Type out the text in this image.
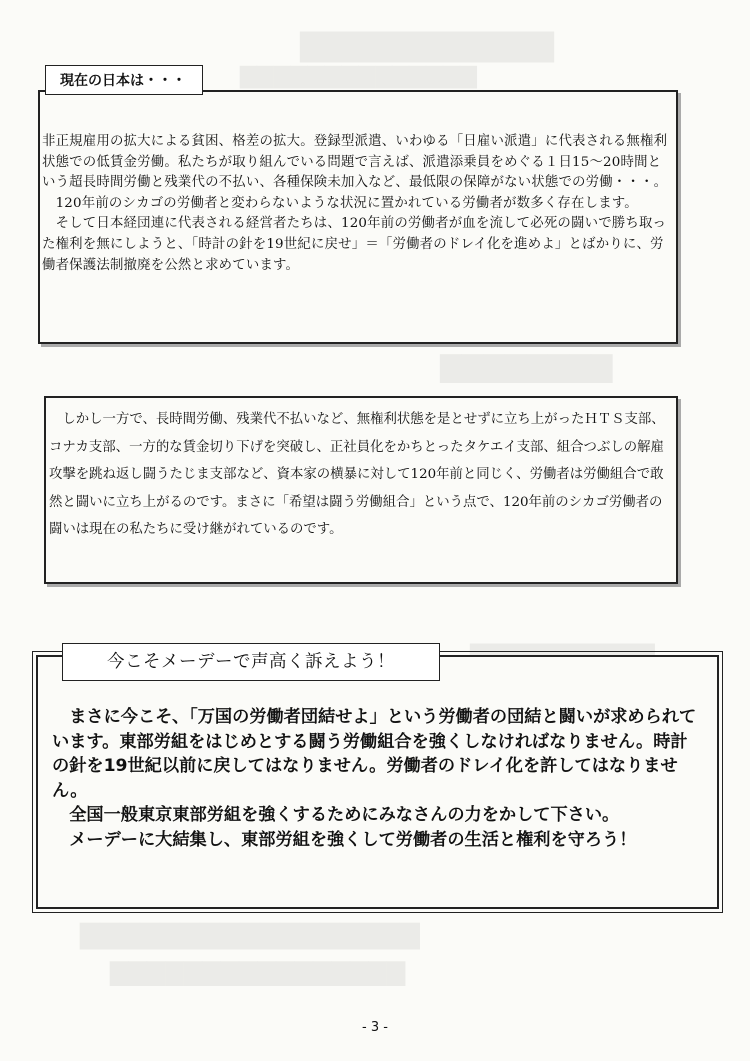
▇▇▇▇▇▇▇▇▇▇▇
▇▇▇▇▇▇▇▇▇▇▇▇▇▇
▇▇▇▇▇▇▇▇
▇▇▇▇▇▇▇▇▇▇▇▇▇▇▇▇▇
▇▇▇▇▇▇▇▇▇▇▇▇▇▇▇▇
現在の日本は・・・

非正規雇用の拡大による貧困、格差の拡大。登録型派遣、いわゆる「日雇い派遣」に代表される無権利状態での低賃金労働。私たちが取り組んでいる問題で言えば、派遣添乗員をめぐる１日15～20時間という超長時間労働と残業代の不払い、各種保険未加入など、最低限の保障がない状態での労働・・・。

　120年前のシカゴの労働者と変わらないような状況に置かれている労働者が数多く存在します。

　そして日本経団連に代表される経営者たちは、120年前の労働者が血を流して必死の闘いで勝ち取った権利を無にしようと、「時計の針を19世紀に戻せ」＝「労働者のドレイ化を進めよ」とばかりに、労働者保護法制撤廃を公然と求めています。

　しかし一方で、長時間労働、残業代不払いなど、無権利状態を是とせずに立ち上がったＨＴＳ支部、コナカ支部、一方的な賃金切り下げを突破し、正社員化をかちとったタケエイ支部、組合つぶしの解雇攻撃を跳ね返し闘うたじま支部など、資本家の横暴に対して120年前と同じく、労働者は労働組合で敢然と闘いに立ち上がるのです。まさに「希望は闘う労働組合」という点で、120年前のシカゴ労働者の闘いは現在の私たちに受け継がれているのです。

今こそメーデーで声高く訴えよう！

　まさに今こそ、「万国の労働者団結せよ」という労働者の団結と闘いが求められています。東部労組をはじめとする闘う労働組合を強くしなければなりません。時計の針を19世紀以前に戻してはなりません。労働者のドレイ化を許してはなりません。

　全国一般東京東部労組を強くするためにみなさんの力をかして下さい。

　メーデーに大結集し、東部労組を強くして労働者の生活と権利を守ろう！

- 3 -
